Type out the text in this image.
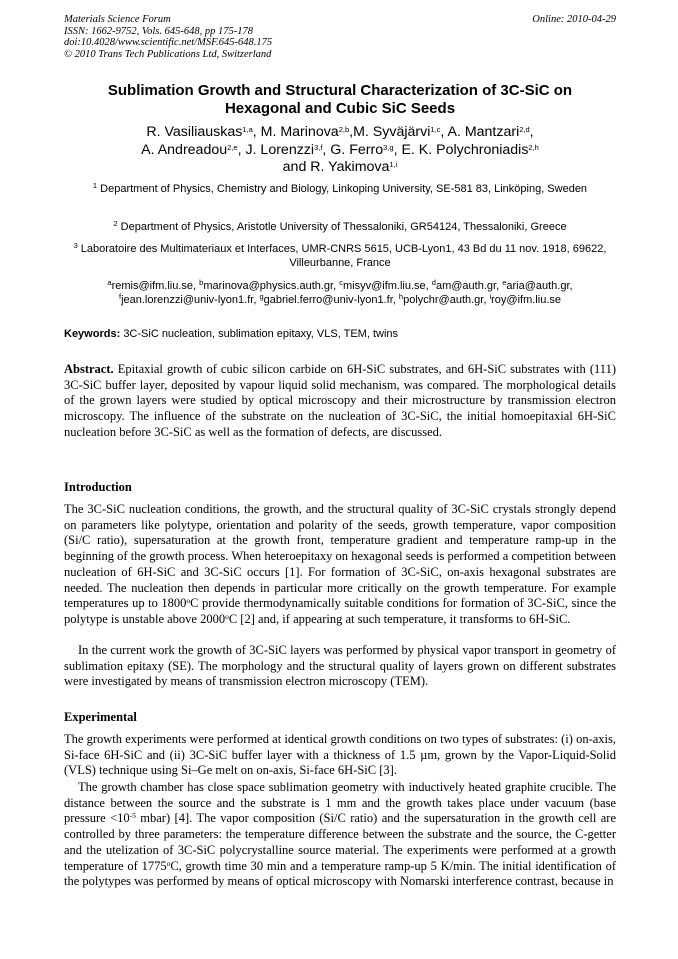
Materials Science Forum
ISSN: 1662-9752, Vols. 645-648, pp 175-178
doi:10.4028/www.scientific.net/MSF.645-648.175
© 2010 Trans Tech Publications Ltd, Switzerland
Online: 2010-04-29
Sublimation Growth and Structural Characterization of 3C-SiC on
Hexagonal and Cubic SiC Seeds
R. Vasiliauskas$^{1,a}$, M. Marinova$^{2,b}$,M. Syväjärvi$^{1,c}$, A. Mantzari$^{2,d}$,
A. Andreadou$^{2,e}$, J. Lorenzzi$^{3,f}$, G. Ferro$^{3,g}$, E. K. Polychroniadis$^{2,h}$
and R. Yakimova$^{1,i}$
$^1$ Department of Physics, Chemistry and Biology, Linkoping University, SE-581 83, Linköping, Sweden
$^2$ Department of Physics, Aristotle University of Thessaloniki, GR54124, Thessaloniki, Greece
$^3$ Laboratoire des Multimateriaux et Interfaces, UMR-CNRS 5615, UCB-Lyon1, 43 Bd du 11 nov. 1918, 69622, Villeurbanne, France
$^a$remis@ifm.liu.se, $^b$marinova@physics.auth.gr, $^c$misyv@ifm.liu.se, $^d$am@auth.gr, $^e$aria@auth.gr,
$^f$jean.lorenzzi@univ-lyon1.fr, $^g$gabriel.ferro@univ-lyon1.fr, $^h$polychr@auth.gr, $^i$roy@ifm.liu.se
Keywords: 3C-SiC nucleation, sublimation epitaxy, VLS, TEM, twins

Abstract. Epitaxial growth of cubic silicon carbide on 6H-SiC substrates, and 6H-SiC substrates with (111) 3C-SiC buffer layer, deposited by vapour liquid solid mechanism, was compared. The morphological details of the grown layers were studied by optical microscopy and their microstructure by transmission electron microscopy. The influence of the substrate on the nucleation of 3C-SiC, the initial homoepitaxial 6H-SiC nucleation before 3C-SiC as well as the formation of defects, are discussed.

Introduction

The 3C-SiC nucleation conditions, the growth, and the structural quality of 3C-SiC crystals strongly depend on parameters like polytype, orientation and polarity of the seeds, growth temperature, vapor composition (Si/C ratio), supersaturation at the growth front, temperature gradient and temperature ramp-up in the beginning of the growth process. When heteroepitaxy on hexagonal seeds is performed a competition between nucleation of 6H-SiC and 3C-SiC occurs [1]. For formation of 3C-SiC, on-axis hexagonal substrates are needed. The nucleation then depends in particular more critically on the growth temperature. For example temperatures up to 1800$^o$C provide thermodynamically suitable conditions for formation of 3C-SiC, since the polytype is unstable above 2000$^o$C [2] and, if appearing at such temperature, it transforms to 6H-SiC.

In the current work the growth of 3C-SiC layers was performed by physical vapor transport in geometry of sublimation epitaxy (SE). The morphology and the structural quality of layers grown on different substrates were investigated by means of transmission electron microscopy (TEM).

Experimental

The growth experiments were performed at identical growth conditions on two types of substrates: (i) on-axis, Si-face 6H-SiC and (ii) 3C-SiC buffer layer with a thickness of 1.5 µm, grown by the Vapor-Liquid-Solid (VLS) technique using Si–Ge melt on on-axis, Si-face 6H-SiC [3].

The growth chamber has close space sublimation geometry with inductively heated graphite crucible. The distance between the source and the substrate is 1 mm and the growth takes place under vacuum (base pressure $<10^{-5}$ mbar) [4]. The vapor composition (Si/C ratio) and the supersaturation in the growth cell are controlled by three parameters: the temperature difference between the substrate and the source, the C-getter and the utelization of 3C-SiC polycrystalline source material. The experiments were performed at a growth temperature of 1775$^o$C, growth time 30 min and a temperature ramp-up 5 K/min. The initial identification of the polytypes was performed by means of optical microscopy with Nomarski interference contrast, because in
